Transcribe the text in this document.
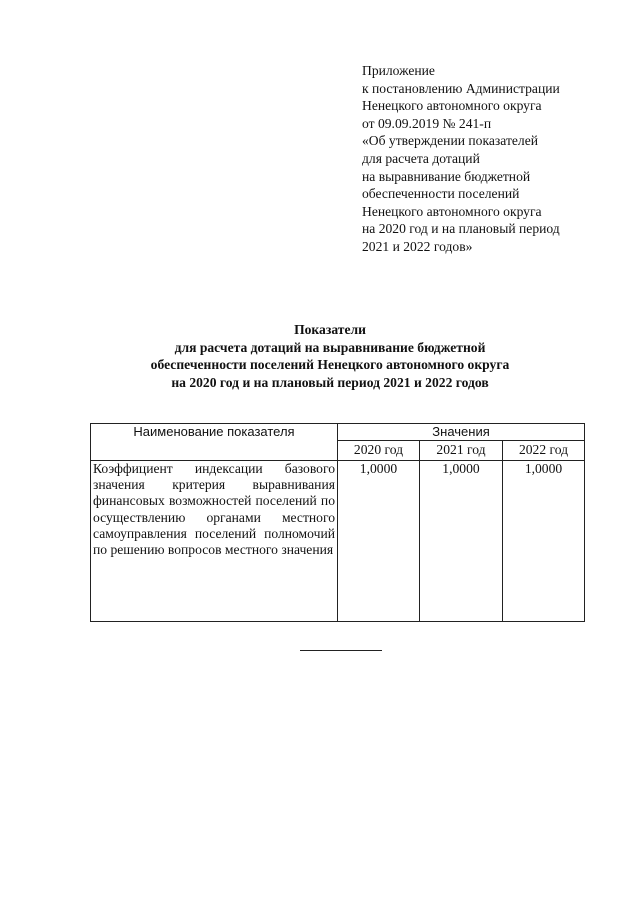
Приложение
к постановлению Администрации
Ненецкого автономного округа
от 09.09.2019 № 241-п
«Об утверждении показателей
для расчета дотаций
на выравнивание бюджетной
обеспеченности поселений
Ненецкого автономного округа
на 2020 год и на плановый период
2021 и 2022 годов»
Показатели
для расчета дотаций на выравнивание бюджетной
обеспеченности поселений Ненецкого автономного округа
на 2020 год и на плановый период 2021 и 2022 годов
Наименование показателя	Значения		
	2020 год	2021 год	2022 год
Коэффициент индексации базового значения критерия выравнивания финансовых возможностей поселений по осуществлению органами местного самоуправления поселений полномочий по решению вопросов местного значения	1,0000	1,0000	1,0000
